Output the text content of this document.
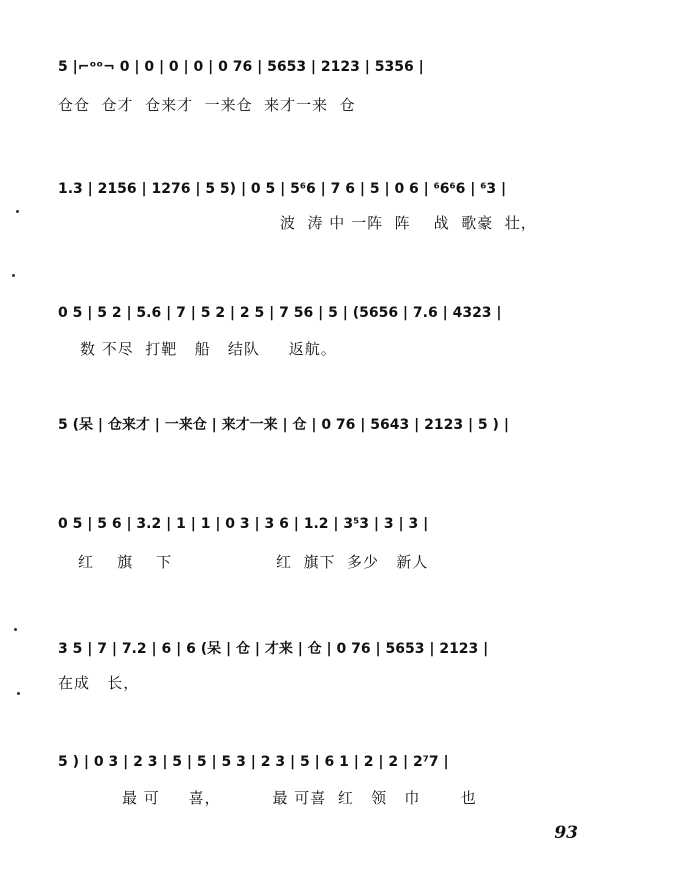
5 |⌐ᵒᵒ¬ 0 | 0 | 0 | 0 | 0 76 | 5653 | 2123 | 5356 |
仓仓  仓才  仓来才  一来仓  来才一来  仓
1.3 | 2156 | 1276 | 5 5) | 0 5 | 5⁶6 | 7 6 | 5 | 0 6 | ⁶6⁶6 | ⁶3 |
波  涛 中 一阵  阵    战  歌豪  壮，
0 5 | 5 2 | 5.6 | 7 | 5 2 | 2 5 | 7 56 | 5 | (5656 | 7.6 | 4323 |
数 不尽  打靶   船   结队     返航。
5 (呆 | 仓来才 | 一来仓 | 来才一来 | 仓 | 0 76 | 5643 | 2123 | 5 ) |
0 5 | 5 6 | 3.2 | 1 | 1 | 0 3 | 3 6 | 1.2 | 3⁵3 | 3 | 3 |
红    旗    下                  红  旗下  多少   新人
3 5 | 7 | 7.2 | 6 | 6 (呆 | 仓 | 才来 | 仓 | 0 76 | 5653 | 2123 |
在成   长，
5 ) | 0 3 | 2 3 | 5 | 5 | 5 3 | 2 3 | 5 | 6 1 | 2 | 2 | 2⁷7 |
最 可     喜，         最 可喜  红   领   巾       也
93
